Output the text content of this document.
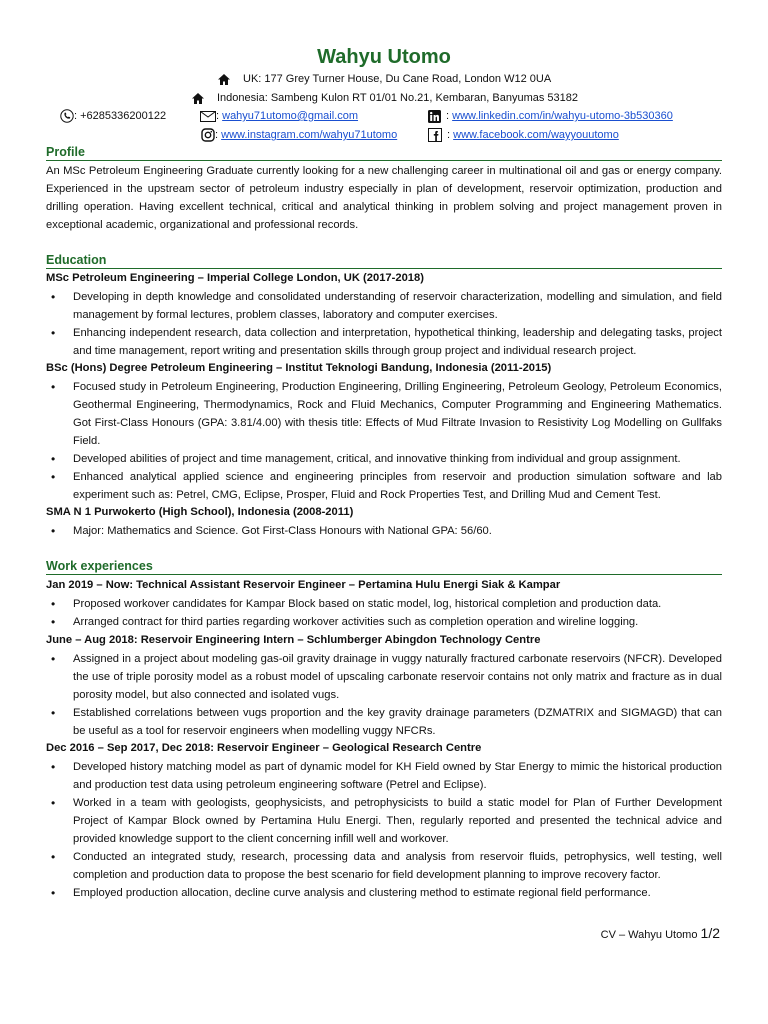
Wahyu Utomo
UK: 177 Grey Turner House, Du Cane Road, London W12 0UA
Indonesia: Sambeng Kulon RT 01/01 No.21, Kembaran, Banyumas 53182
: +6285336200122	: wahyu71utomo@gmail.com	: www.linkedin.com/in/wahyu-utomo-3b530360
: www.instagram.com/wahyu71utomo	: www.facebook.com/wayyouutomo
Profile
An MSc Petroleum Engineering Graduate currently looking for a new challenging career in multinational oil and gas or energy company. Experienced in the upstream sector of petroleum industry especially in plan of development, reservoir optimization, production and drilling operation. Having excellent technical, critical and analytical thinking in problem solving and project management proven in exceptional academic, organizational and professional records.
Education
MSc Petroleum Engineering – Imperial College London, UK (2017-2018)
• Developing in depth knowledge and consolidated understanding of reservoir characterization, modelling and simulation, and field management by formal lectures, problem classes, laboratory and computer exercises.
• Enhancing independent research, data collection and interpretation, hypothetical thinking, leadership and delegating tasks, project and time management, report writing and presentation skills through group project and individual research project.
BSc (Hons) Degree Petroleum Engineering – Institut Teknologi Bandung, Indonesia (2011-2015)
• Focused study in Petroleum Engineering, Production Engineering, Drilling Engineering, Petroleum Geology, Petroleum Economics, Geothermal Engineering, Thermodynamics, Rock and Fluid Mechanics, Computer Programming and Engineering Mathematics. Got First-Class Honours (GPA: 3.81/4.00) with thesis title: Effects of Mud Filtrate Invasion to Resistivity Log Modelling on Gullfaks Field.
• Developed abilities of project and time management, critical, and innovative thinking from individual and group assignment.
• Enhanced analytical applied science and engineering principles from reservoir and production simulation software and lab experiment such as: Petrel, CMG, Eclipse, Prosper, Fluid and Rock Properties Test, and Drilling Mud and Cement Test.
SMA N 1 Purwokerto (High School), Indonesia (2008-2011)
• Major: Mathematics and Science. Got First-Class Honours with National GPA: 56/60.
Work experiences
Jan 2019 – Now: Technical Assistant Reservoir Engineer – Pertamina Hulu Energi Siak & Kampar
• Proposed workover candidates for Kampar Block based on static model, log, historical completion and production data.
• Arranged contract for third parties regarding workover activities such as completion operation and wireline logging.
June – Aug 2018: Reservoir Engineering Intern – Schlumberger Abingdon Technology Centre
• Assigned in a project about modeling gas-oil gravity drainage in vuggy naturally fractured carbonate reservoirs (NFCR). Developed the use of triple porosity model as a robust model of upscaling carbonate reservoir contains not only matrix and fracture as in dual porosity model, but also connected and isolated vugs.
• Established correlations between vugs proportion and the key gravity drainage parameters (DZMATRIX and SIGMAGD) that can be useful as a tool for reservoir engineers when modelling vuggy NFCRs.
Dec 2016 – Sep 2017, Dec 2018: Reservoir Engineer – Geological Research Centre
• Developed history matching model as part of dynamic model for KH Field owned by Star Energy to mimic the historical production and production test data using petroleum engineering software (Petrel and Eclipse).
• Worked in a team with geologists, geophysicists, and petrophysicists to build a static model for Plan of Further Development Project of Kampar Block owned by Pertamina Hulu Energi. Then, regularly reported and presented the technical advice and provided knowledge support to the client concerning infill well and workover.
• Conducted an integrated study, research, processing data and analysis from reservoir fluids, petrophysics, well testing, well completion and production data to propose the best scenario for field development planning to improve recovery factor.
• Employed production allocation, decline curve analysis and clustering method to estimate regional field performance.
CV – Wahyu Utomo 1/2
